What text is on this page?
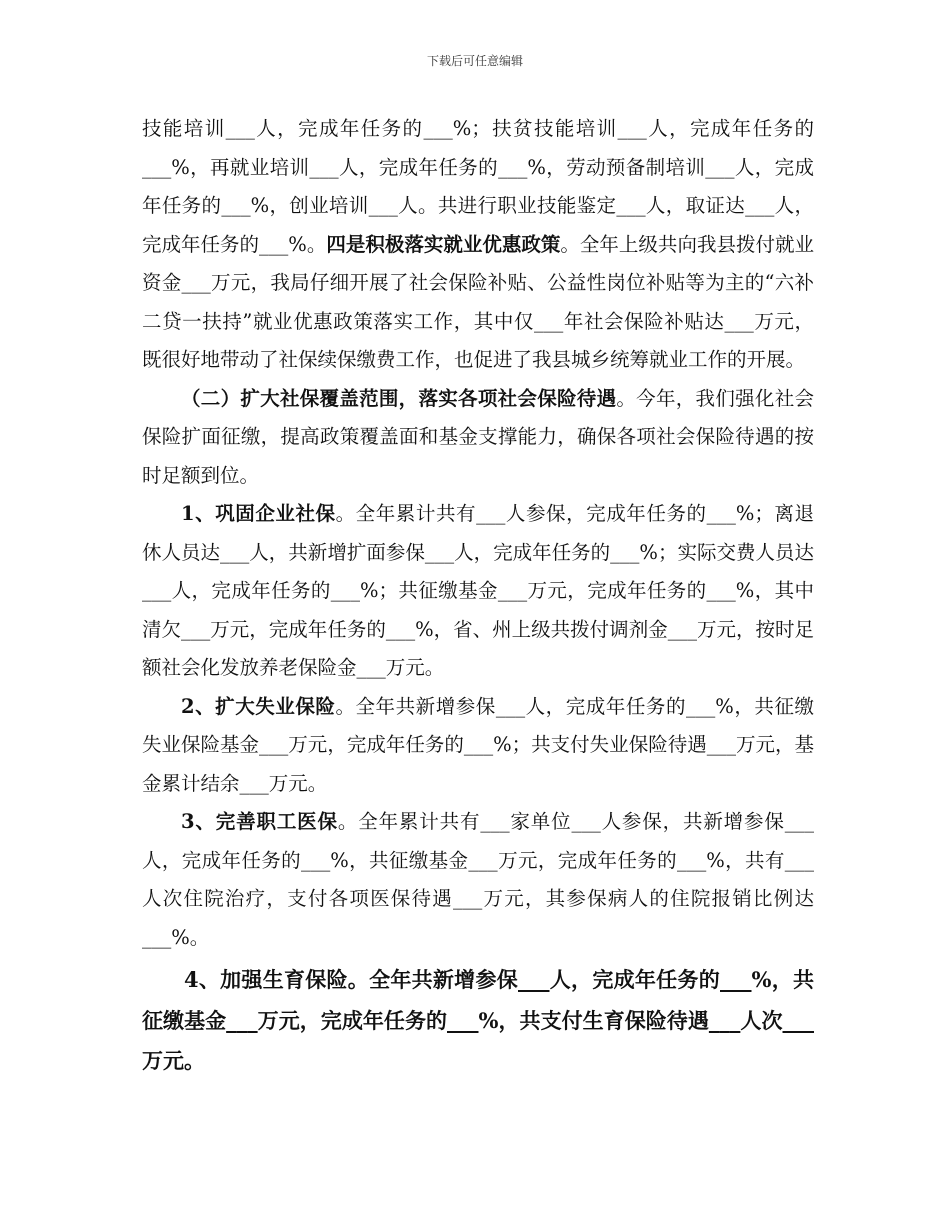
下载后可任意编辑

技能培训___人，完成年任务的___%；扶贫技能培训___人，完成年任务的___%，再就业培训___人，完成年任务的___%，劳动预备制培训___人，完成年任务的___%，创业培训___人。共进行职业技能鉴定___人，取证达___人，完成年任务的___%。四是积极落实就业优惠政策。全年上级共向我县拨付就业资金___万元，我局仔细开展了社会保险补贴、公益性岗位补贴等为主的“六补二贷一扶持”就业优惠政策落实工作，其中仅___年社会保险补贴达___万元，既很好地带动了社保续保缴费工作，也促进了我县城乡统筹就业工作的开展。

（二）扩大社保覆盖范围，落实各项社会保险待遇。今年，我们强化社会保险扩面征缴，提高政策覆盖面和基金支撑能力，确保各项社会保险待遇的按时足额到位。

1、巩固企业社保。全年累计共有___人参保，完成年任务的___%；离退休人员达___人，共新增扩面参保___人，完成年任务的___%；实际交费人员达___人，完成年任务的___%；共征缴基金___万元，完成年任务的___%，其中清欠___万元，完成年任务的___%，省、州上级共拨付调剂金___万元，按时足额社会化发放养老保险金___万元。

2、扩大失业保险。全年共新增参保___人，完成年任务的___%，共征缴失业保险基金___万元，完成年任务的___%；共支付失业保险待遇___万元，基金累计结余___万元。

3、完善职工医保。全年累计共有___家单位___人参保，共新增参保___人，完成年任务的___%，共征缴基金___万元，完成年任务的___%，共有___人次住院治疗，支付各项医保待遇___万元，其参保病人的住院报销比例达___%。

4、加强生育保险。全年共新增参保___人，完成年任务的___%，共征缴基金___万元，完成年任务的___%，共支付生育保险待遇___人次___万元。
